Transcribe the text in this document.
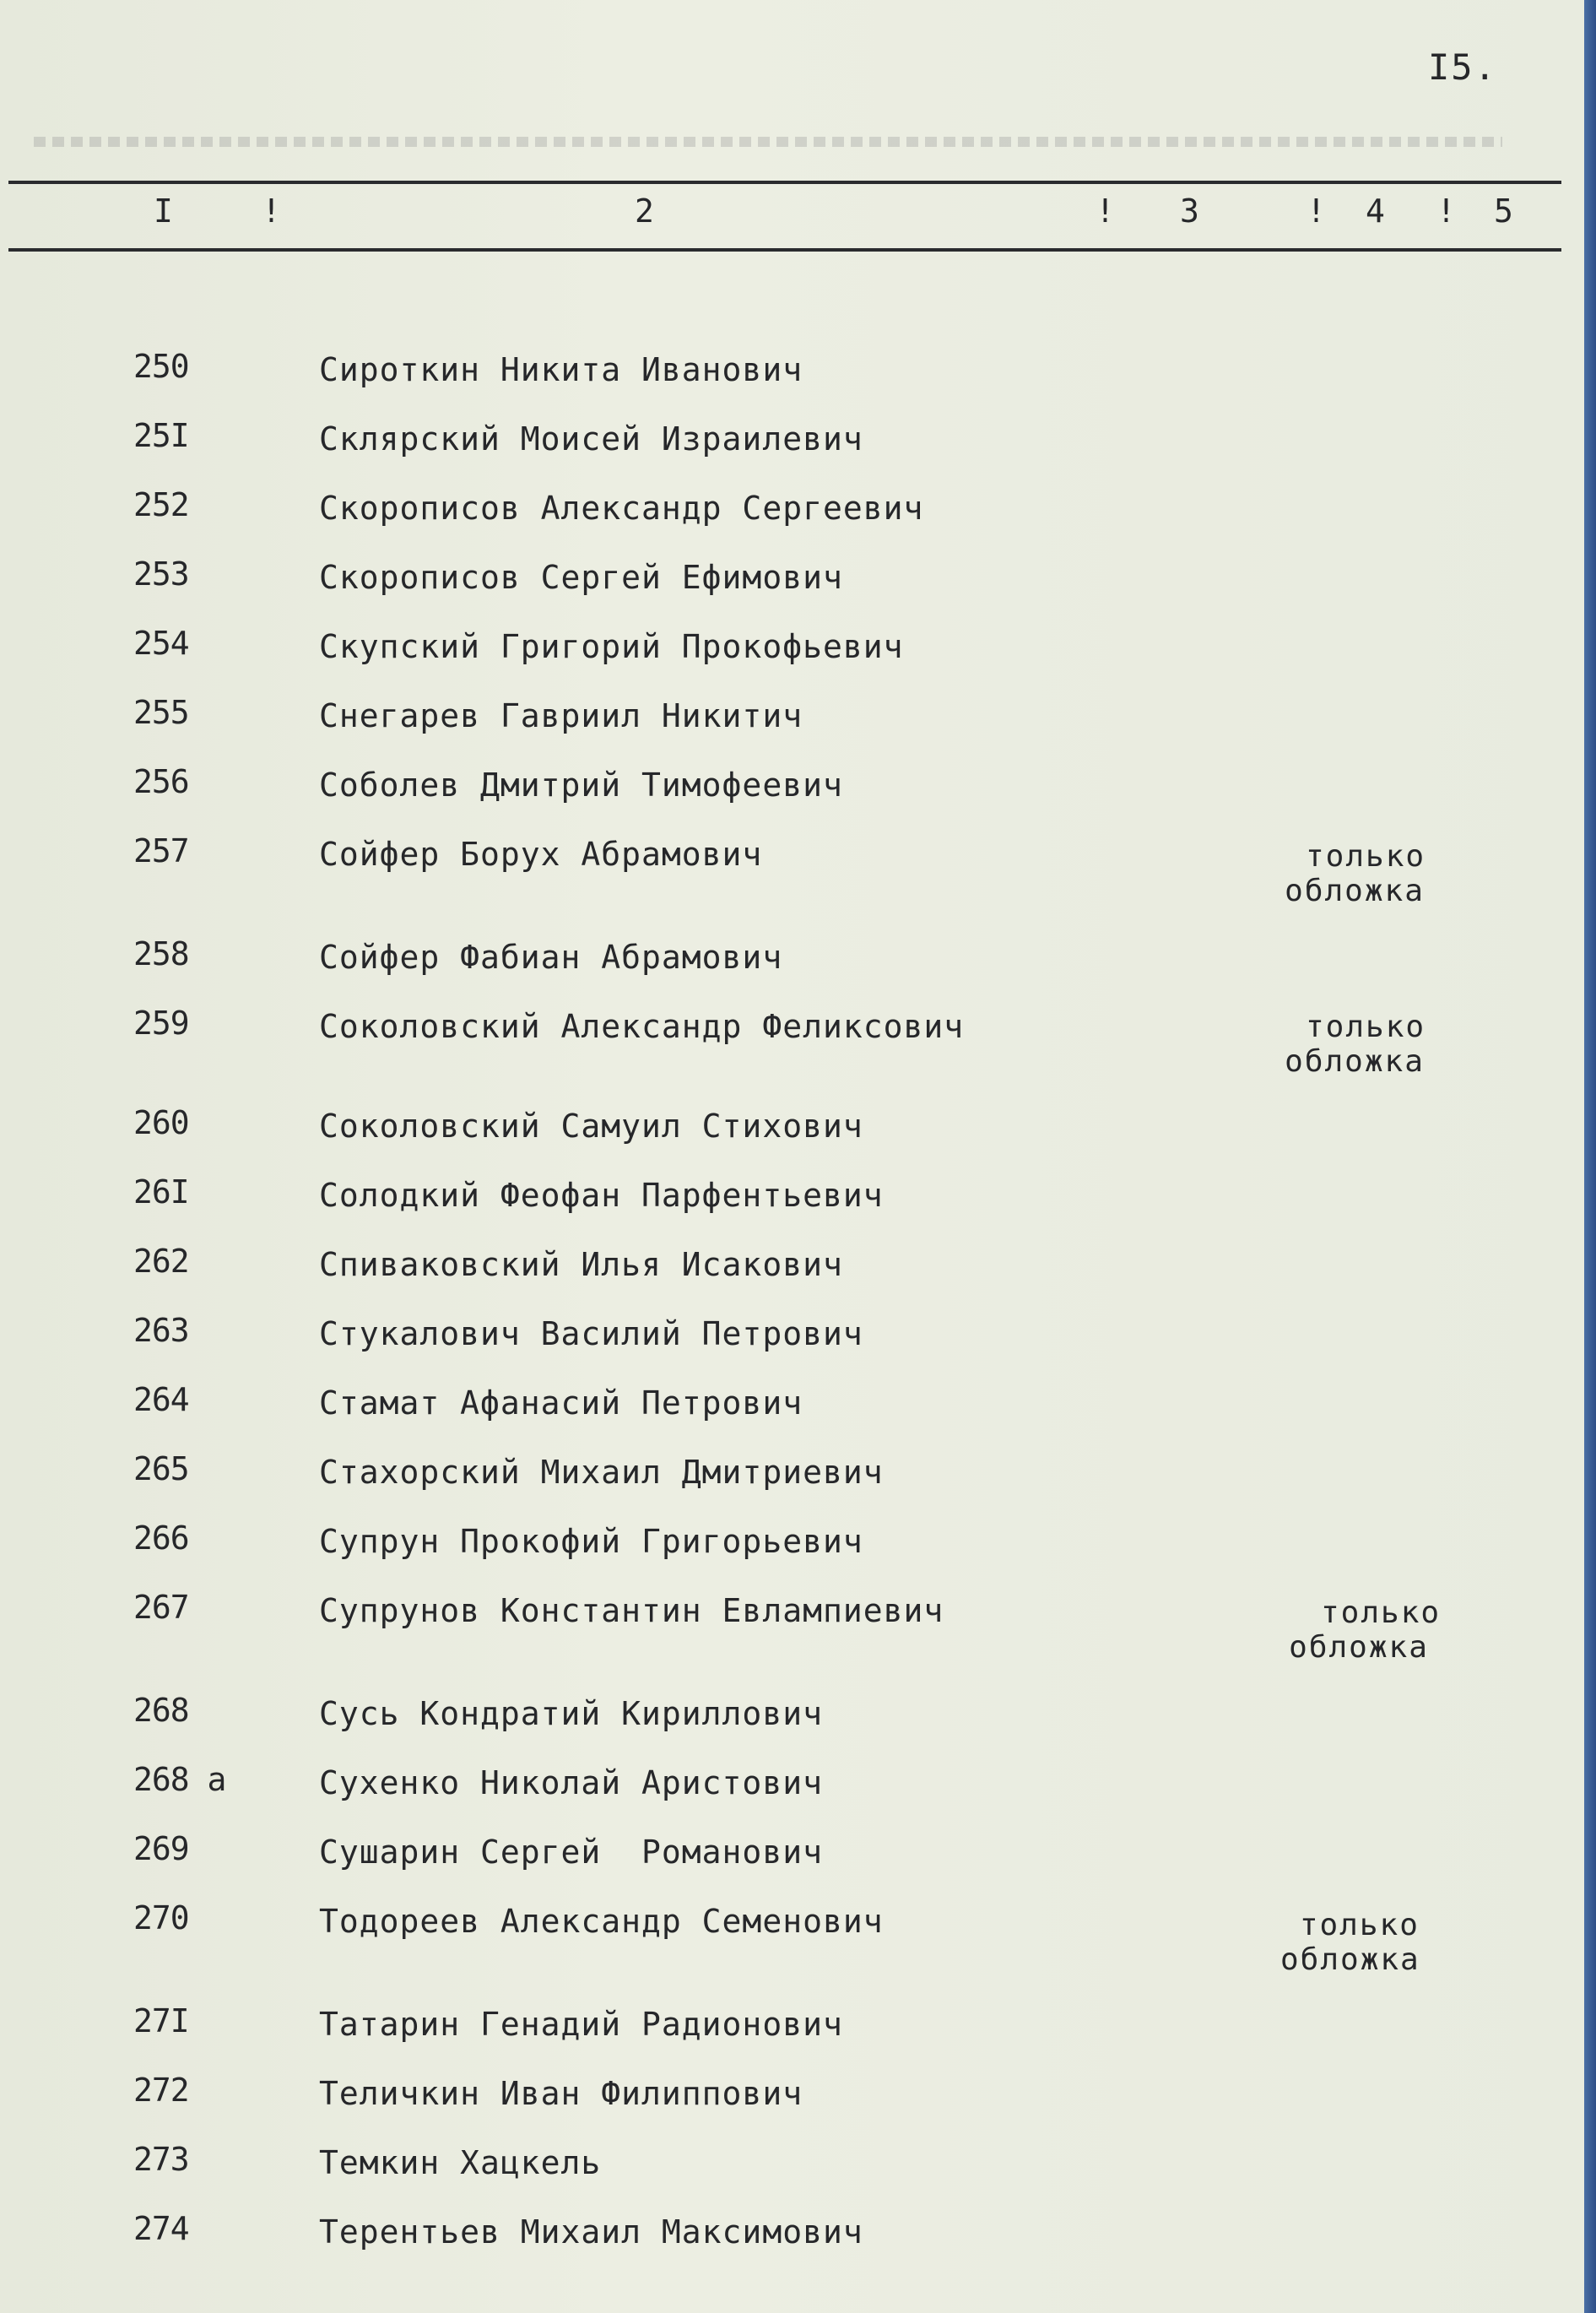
I5.
I	!	2	! 3	! 4 ! 5
250	Сироткин Никита Иванович
25I	Склярский Моисей Израилевич
252	Скорописов Александр Сергеевич
253	Скорописов Сергей Ефимович
254	Скупский Григорий Прокофьевич
255	Снегарев Гавриил Никитич
256	Соболев Дмитрий Тимофеевич
257	Сойфер Борух Абрамович	только
обложка
258	Сойфер Фабиан Абрамович
259	Соколовский Александр Феликсович	только
обложка
260	Соколовский Самуил Стихович
26I	Солодкий Феофан Парфентьевич
262	Спиваковский Илья Исакович
263	Стукалович Василий Петрович
264	Стамат Афанасий Петрович
265	Стахорский Михаил Дмитриевич
266	Супрун Прокофий Григорьевич
267	Супрунов Константин Евлампиевич	только
обложка
268	Сусь Кондратий Кириллович
268 а	Сухенко Николай Аристович
269	Сушарин Сергей  Романович
270	Тодореев Александр Семенович	только
обложка
27I	Татарин Генадий Радионович
272	Теличкин Иван Филиппович
273	Темкин Хацкель
274	Терентьев Михаил Максимович
